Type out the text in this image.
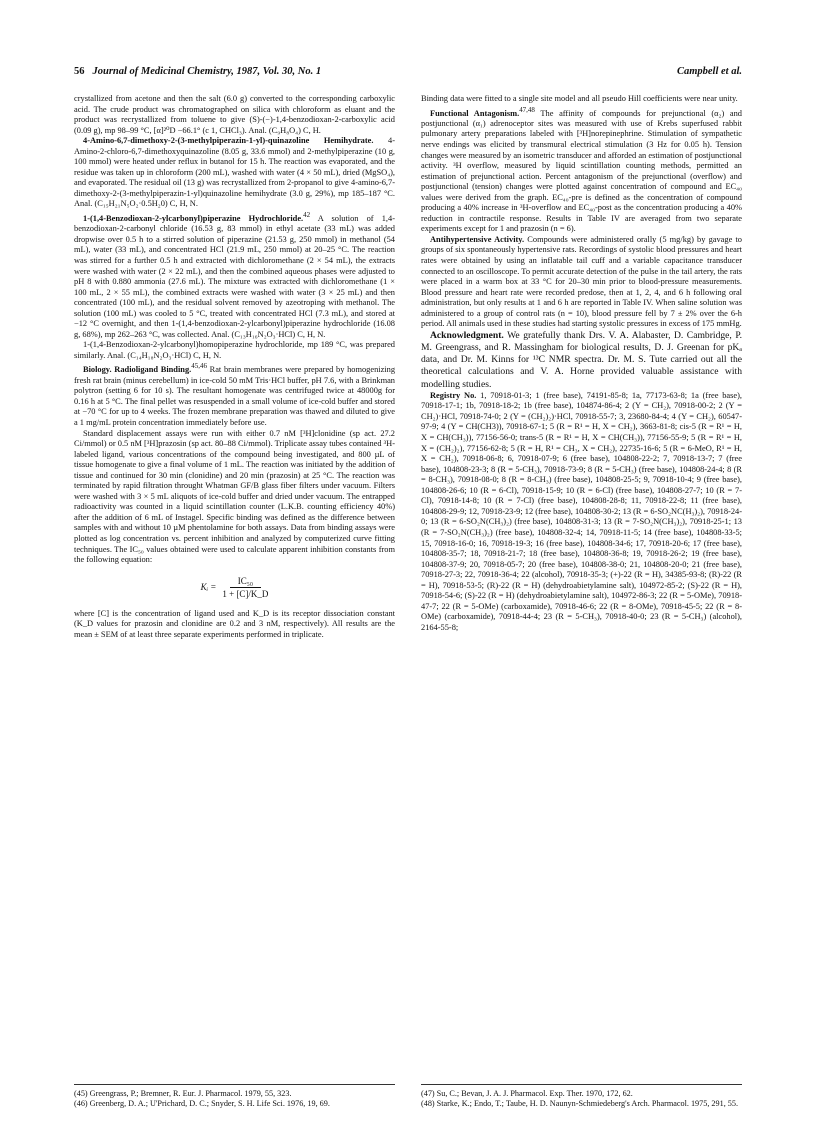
56 Journal of Medicinal Chemistry, 1987, Vol. 30, No. 1	Campbell et al.

crystallized from acetone and then the salt (6.0 g) converted to the corresponding carboxylic acid. The crude product was chromatographed on silica with chloroform as eluant and the product was recrystallized from toluene to give (S)-(−)-1,4-benzodioxan-2-carboxylic acid (0.09 g), mp 98–99 °C, [α]²⁰D −66.1° (c 1, CHCl₃). Anal. (C₉H₈O₄) C, H.

4-Amino-6,7-dimethoxy-2-(3-methylpiperazin-1-yl)-quinazoline Hemihydrate. 4-Amino-2-chloro-6,7-dimethoxyquinazoline (8.05 g, 33.6 mmol) and 2-methylpiperazine (10 g, 100 mmol) were heated under reflux in butanol for 15 h. The reaction was evaporated, and the residue was taken up in chloroform (200 mL), washed with water (4 × 50 mL), dried (MgSO₄), and evaporated. The residual oil (13 g) was recrystallized from 2-propanol to give 4-amino-6,7-dimethoxy-2-(3-methylpiperazin-1-yl)quinazoline hemihydrate (3.0 g, 29%), mp 185–187 °C. Anal. (C₁₅H₂₁N₅O₂·0.5H₂0) C, H, N.

1-(1,4-Benzodioxan-2-ylcarbonyl)piperazine Hydrochloride.$^{42}$ A solution of 1,4-benzodioxan-2-carbonyl chloride (16.53 g, 83 mmol) in ethyl acetate (33 mL) was added dropwise over 0.5 h to a stirred solution of piperazine (21.53 g, 250 mmol) in methanol (54 mL), water (33 mL), and concentrated HCl (21.9 mL, 250 mmol) at 20–25 °C. The reaction was stirred for a further 0.5 h and extracted with dichloromethane (2 × 54 mL), the extracts were washed with water (2 × 22 mL), and then the combined aqueous phases were adjusted to pH 8 with 0.880 ammonia (27.6 mL). The mixture was extracted with dichloromethane (1 × 100 mL, 2 × 55 mL), the combined extracts were washed with water (3 × 25 mL) and then concentrated (100 mL), and the residual solvent removed by azeotroping with methanol. The solution (100 mL) was cooled to 5 °C, treated with concentrated HCl (7.3 mL), and stored at −12 °C overnight, and then 1-(1,4-benzodioxan-2-ylcarbonyl)piperazine hydrochloride (16.08 g, 68%), mp 262–263 °C, was collected. Anal. (C₁₃H₁₆N₂O₃·HCl) C, H, N.

1-(1,4-Benzodioxan-2-ylcarbonyl)homopiperazine hydrochloride, mp 189 °C, was prepared similarly. Anal. (C₁₄H₁₈N₂O₃·HCl) C, H, N.

Biology. Radioligand Binding.$^{45,46}$ Rat brain membranes were prepared by homogenizing fresh rat brain (minus cerebellum) in ice-cold 50 mM Tris·HCl buffer, pH 7.6, with a Brinkman polytron (setting 6 for 10 s). The resultant homogenate was centrifuged twice at 48000g for 0.16 h at 5 °C. The final pellet was resuspended in a small volume of ice-cold buffer and stored at −70 °C for up to 4 weeks. The frozen membrane preparation was thawed and diluted to give a 1 mg/mL protein concentration immediately before use.

Standard displacement assays were run with either 0.7 nM [³H]clonidine (sp act. 27.2 Ci/mmol) or 0.5 nM [³H]prazosin (sp act. 80–88 Ci/mmol). Triplicate assay tubes contained ³H-labeled ligand, various concentrations of the compound being investigated, and 800 µL of tissue homogenate to give a final volume of 1 mL. The reaction was initiated by the addition of tissue and continued for 30 min (clonidine) and 20 min (prazosin) at 25 °C. The reaction was terminated by rapid filtration throught Whatman GF/B glass fiber filters under vacuum. Filters were washed with 3 × 5 mL aliquots of ice-cold buffer and dried under vacuum. The entrapped radioactivity was counted in a liquid scintillation counter (L.K.B. counting efficiency 40%) after the addition of 6 mL of Instagel. Specific binding was defined as the difference between samples with and without 10 µM phentolamine for both assays. Data from binding assays were plotted as log concentration vs. percent inhibition and analyzed by computerized curve fitting techniques. The IC₅₀ values obtained were used to calculate apparent inhibition constants from the following equation:

Kᵢ = $\frac{\text{IC₅₀}}{1 + [C]/K\_D}$

where [C] is the concentration of ligand used and K_D is its receptor dissociation constant (K_D values for prazosin and clonidine are 0.2 and 3 nM, respectively). All results are the mean ± SEM of at least three separate experiments performed in triplicate.

Binding data were fitted to a single site model and all pseudo Hill coefficients were near unity.

Functional Antagonism.$^{47,48}$ The affinity of compounds for prejunctional (α₂) and postjunctional (α₁) adrenoceptor sites was measured with use of Krebs superfused rabbit pulmonary artery preparations labeled with [³H]norepinephrine. Stimulation of sympathetic nerve endings was elicited by transmural electrical stimulation (3 Hz for 0.05 h). Tension changes were measured by an isometric transducer and afforded an estimation of postjunctional activity. ³H overflow, measured by liquid scintillation counting methods, permitted an estimation of prejunctional action. Percent antagonism of the prejunctional (overflow) and postjunctional (tension) changes were plotted against concentration of compound and EC₄₀ values were derived from the graph. EC₄₀-pre is defined as the concentration of compound producing a 40% increase in ³H-overflow and EC₄₀-post as the concentration producing a 40% reduction in contractile response. Results in Table IV are averaged from two separate experiments except for 1 and prazosin (n = 6).

Antihypertensive Activity. Compounds were administered orally (5 mg/kg) by gavage to groups of six spontaneously hypertensive rats. Recordings of systolic blood pressures and heart rates were obtained by using an inflatable tail cuff and a variable capacitance transducer connected to an oscilloscope. To permit accurate detection of the pulse in the tail artery, the rats were placed in a warm box at 33 °C for 20–30 min prior to blood-pressure measurements. Blood pressure and heart rate were recorded predose, then at 1, 2, 4, and 6 h following oral administration, but only results at 1 and 6 h are reported in Table IV. When saline solution was administered to a group of control rats (n = 10), blood pressure fell by 7 ± 2% over the 6-h period. All animals used in these studies had starting systolic pressures in excess of 175 mmHg.

Acknowledgment. We gratefully thank Drs. V. A. Alabaster, D. Cambridge, P. M. Greengrass, and R. Massingham for biological results, D. J. Greenan for pKₐ data, and Dr. M. Kinns for ¹³C NMR spectra. Dr. M. S. Tute carried out all the theoretical calculations and V. A. Horne provided valuable assistance with modelling studies.

Registry No. 1, 70918-01-3; 1 (free base), 74191-85-8; 1a, 77173-63-8; 1a (free base), 70918-17-1; 1b, 70918-18-2; 1b (free base), 104874-86-4; 2 (Y = CH₂), 70918-00-2; 2 (Y = CH₂)·HCl, 70918-74-0; 2 (Y = (CH₂)₂)·HCl, 70918-55-7; 3, 23680-84-4; 4 (Y = CH₂), 60547-97-9; 4 (Y = CH(CH3)), 70918-67-1; 5 (R = R¹ = H, X = CH₂), 3663-81-8; cis-5 (R = R¹ = H, X = CH(CH₃)), 77156-56-0; trans-5 (R = R¹ = H, X = CH(CH₃)), 77156-55-9; 5 (R = R¹ = H, X = (CH₂)₂), 77156-62-8; 5 (R = H, R¹ = CH₃, X = CH₂), 22735-16-6; 5 (R = 6-MeO, R¹ = H, X = CH₂), 70918-06-8; 6, 70918-07-9; 6 (free base), 104808-22-2; 7, 70918-13-7; 7 (free base), 104808-23-3; 8 (R = 5-CH₃), 70918-73-9; 8 (R = 5-CH₃) (free base), 104808-24-4; 8 (R = 8-CH₃), 70918-08-0; 8 (R = 8-CH₃) (free base), 104808-25-5; 9, 70918-10-4; 9 (free base), 104808-26-6; 10 (R = 6-Cl), 70918-15-9; 10 (R = 6-Cl) (free base), 104808-27-7; 10 (R = 7-Cl), 70918-14-8; 10 (R = 7-Cl) (free base), 104808-28-8; 11, 70918-22-8; 11 (free base), 104808-29-9; 12, 70918-23-9; 12 (free base), 104808-30-2; 13 (R = 6-SO₂NC(H₃)₂), 70918-24-0; 13 (R = 6-SO₂N(CH₃)₂) (free base), 104808-31-3; 13 (R = 7-SO₂N(CH₃)₂), 70918-25-1; 13 (R = 7-SO₂N(CH₃)₂) (free base), 104808-32-4; 14, 70918-11-5; 14 (free base), 104808-33-5; 15, 70918-16-0; 16, 70918-19-3; 16 (free base), 104808-34-6; 17, 70918-20-6; 17 (free base), 104808-35-7; 18, 70918-21-7; 18 (free base), 104808-36-8; 19, 70918-26-2; 19 (free base), 104808-37-9; 20, 70918-05-7; 20 (free base), 104808-38-0; 21, 104808-20-0; 21 (free base), 70918-27-3; 22, 70918-36-4; 22 (alcohol), 70918-35-3; (+)-22 (R = H), 34385-93-8; (R)-22 (R = H), 70918-53-5; (R)-22 (R = H) (dehydroabietylamine salt), 104972-85-2; (S)-22 (R = H), 70918-54-6; (S)-22 (R = H) (dehydroabietylamine salt), 104972-86-3; 22 (R = 5-OMe), 70918-47-7; 22 (R = 5-OMe) (carboxamide), 70918-46-6; 22 (R = 8-OMe), 70918-45-5; 22 (R = 8-OMe) (carboxamide), 70918-44-4; 23 (R = 5-CH₃), 70918-40-0; 23 (R = 5-CH₃) (alcohol), 2164-55-8;

(45) Greengrass, P.; Bremner, R. Eur. J. Pharmacol. 1979, 55, 323.
(46) Greenberg, D. A.; U'Prichard, D. C.; Snyder, S. H. Life Sci. 1976, 19, 69.
(47) Su, C.; Bevan, J. A. J. Pharmacol. Exp. Ther. 1970, 172, 62.
(48) Starke, K.; Endo, T.; Taube, H. D. Naunyn-Schmiedeberg's Arch. Pharmacol. 1975, 291, 55.
